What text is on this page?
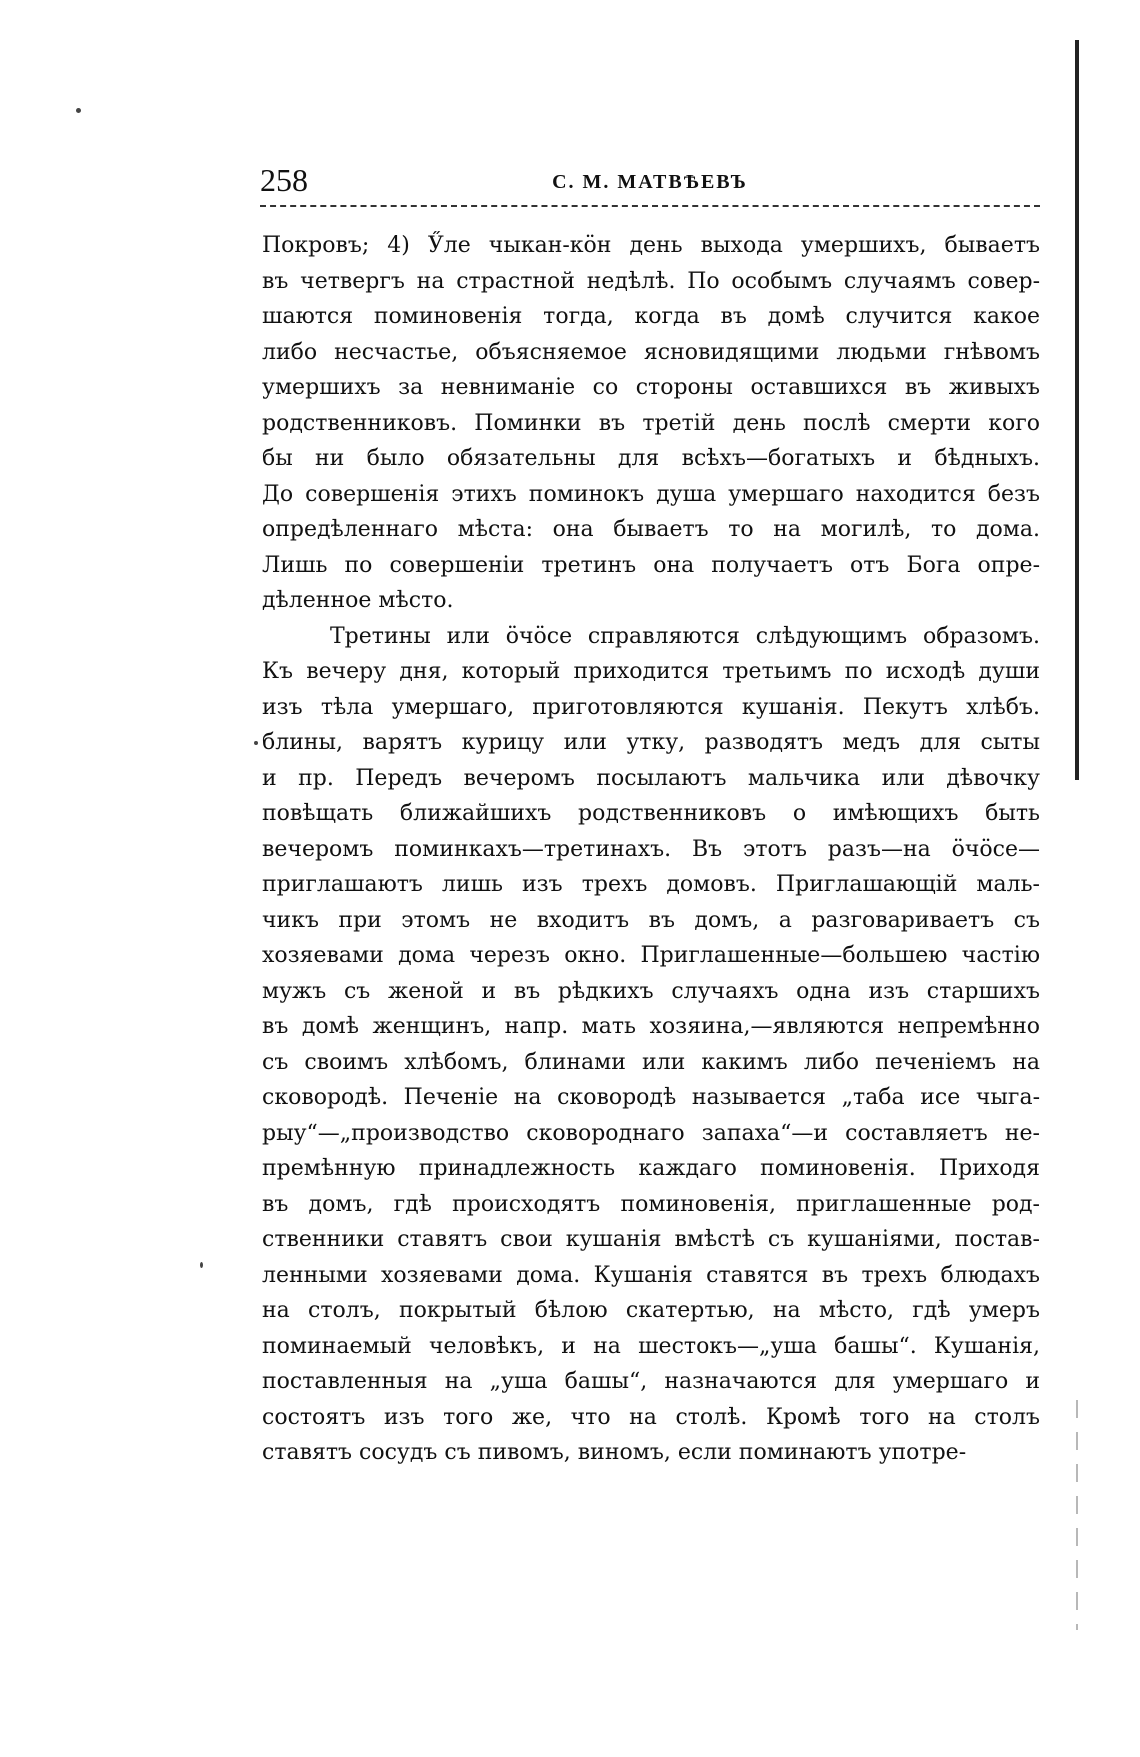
258	С. М. МАТВѢЕВЪ
Покровъ; 4) Ӳле чыкан-кӧн день выхода умершихъ, бываетъ
въ четвергъ на страстной недѣлѣ. По особымъ случаямъ совер-
шаются поминовенія тогда, когда въ домѣ случится какое
либо несчастье, объясняемое ясновидящими людьми гнѣвомъ
умершихъ за невниманіе со стороны оставшихся въ живыхъ
родственниковъ. Поминки въ третій день послѣ смерти кого
бы ни было обязательны для всѣхъ—богатыхъ и бѣдныхъ.
До совершенія этихъ поминокъ душа умершаго находится безъ
опредѣленнаго мѣста: она бываетъ то на могилѣ, то дома.
Лишь по совершеніи третинъ она получаетъ отъ Бога опре-
дѣленное мѣсто.
Третины или ӧчӧсе справляются слѣдующимъ образомъ.
Къ вечеру дня, который приходится третьимъ по исходѣ души
изъ тѣла умершаго, приготовляются кушанія. Пекутъ хлѣбъ.
блины, варятъ курицу или утку, разводятъ медъ для сыты
и пр. Передъ вечеромъ посылаютъ мальчика или дѣвочку
повѣщать ближайшихъ родственниковъ о имѣющихъ быть
вечеромъ поминкахъ—третинахъ. Въ этотъ разъ—на ӧчӧсе—
приглашаютъ лишь изъ трехъ домовъ. Приглашающій маль-
чикъ при этомъ не входитъ въ домъ, а разговариваетъ съ
хозяевами дома черезъ окно. Приглашенные—большею частію
мужъ съ женой и въ рѣдкихъ случаяхъ одна изъ старшихъ
въ домѣ женщинъ, напр. мать хозяина,—являются непремѣнно
съ своимъ хлѣбомъ, блинами или какимъ либо печеніемъ на
сковородѣ. Печеніе на сковородѣ называется „таба исе чыга-
рыу“—„производство сковороднаго запаха“—и составляетъ не-
премѣнную принадлежность каждаго поминовенія. Приходя
въ домъ, гдѣ происходятъ поминовенія, приглашенные род-
ственники ставятъ свои кушанія вмѣстѣ съ кушаніями, постав-
ленными хозяевами дома. Кушанія ставятся въ трехъ блюдахъ
на столъ, покрытый бѣлою скатертью, на мѣсто, гдѣ умеръ
поминаемый человѣкъ, и на шестокъ—„уша башы“. Кушанія,
поставленныя на „уша башы“, назначаются для умершаго и
состоятъ изъ того же, что на столѣ. Кромѣ того на столъ
ставятъ сосудъ съ пивомъ, виномъ, если поминаютъ употре-
